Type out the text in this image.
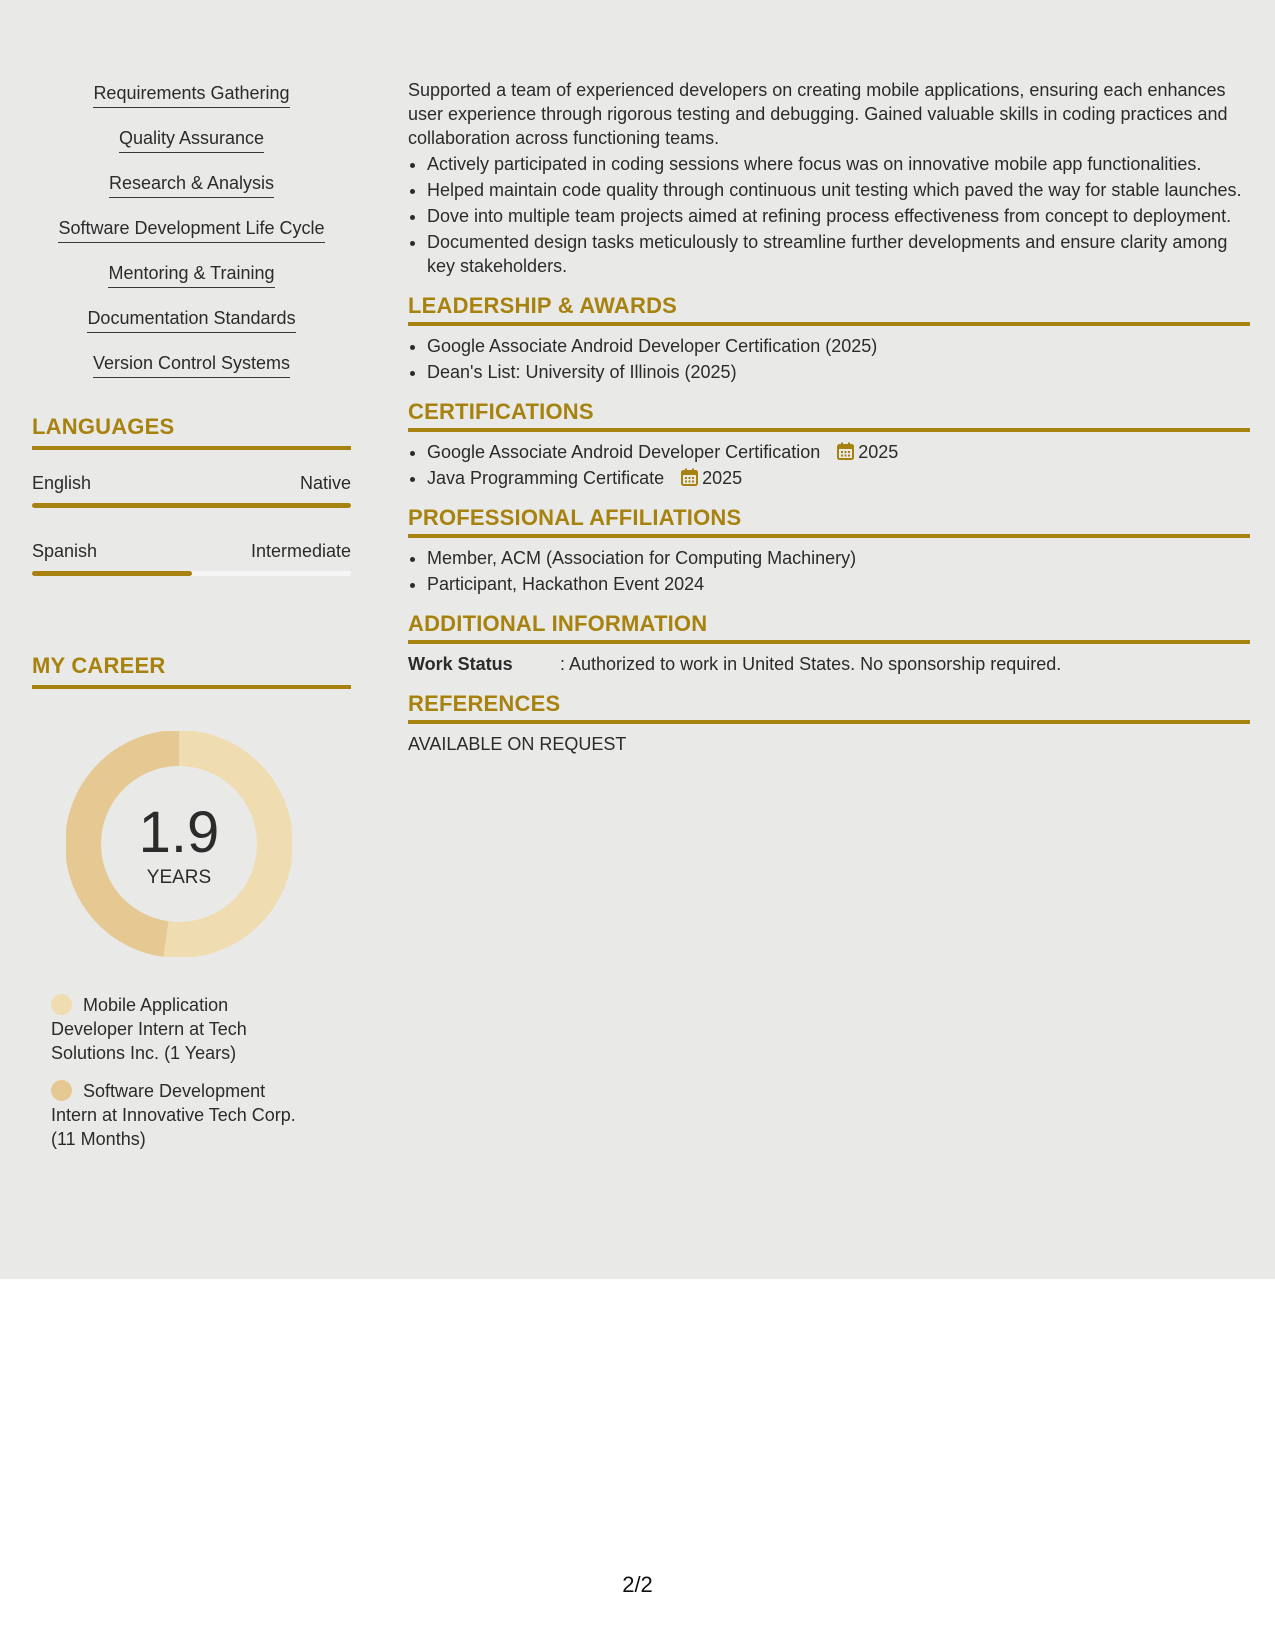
Requirements Gathering
Quality Assurance
Research & Analysis
Software Development Life Cycle
Mentoring & Training
Documentation Standards
Version Control Systems
LANGUAGES
English	Native
Spanish	Intermediate
MY CAREER
1.9
YEARS
Mobile Application Developer Intern at Tech Solutions Inc. (1 Years)
Software Development Intern at Innovative Tech Corp. (11 Months)

Supported a team of experienced developers on creating mobile applications, ensuring each enhances user experience through rigorous testing and debugging. Gained valuable skills in coding practices and collaboration across functioning teams.

• Actively participated in coding sessions where focus was on innovative mobile app functionalities.
• Helped maintain code quality through continuous unit testing which paved the way for stable launches.
• Dove into multiple team projects aimed at refining process effectiveness from concept to deployment.
• Documented design tasks meticulously to streamline further developments and ensure clarity among key stakeholders.
LEADERSHIP & AWARDS
• Google Associate Android Developer Certification (2025)
• Dean's List: University of Illinois (2025)
CERTIFICATIONS
• Google Associate Android Developer Certification 2025
• Java Programming Certificate 2025
PROFESSIONAL AFFILIATIONS
• Member, ACM (Association for Computing Machinery)
• Participant, Hackathon Event 2024
ADDITIONAL INFORMATION
Work Status	: Authorized to work in United States. No sponsorship required.
REFERENCES

AVAILABLE ON REQUEST

2/2
